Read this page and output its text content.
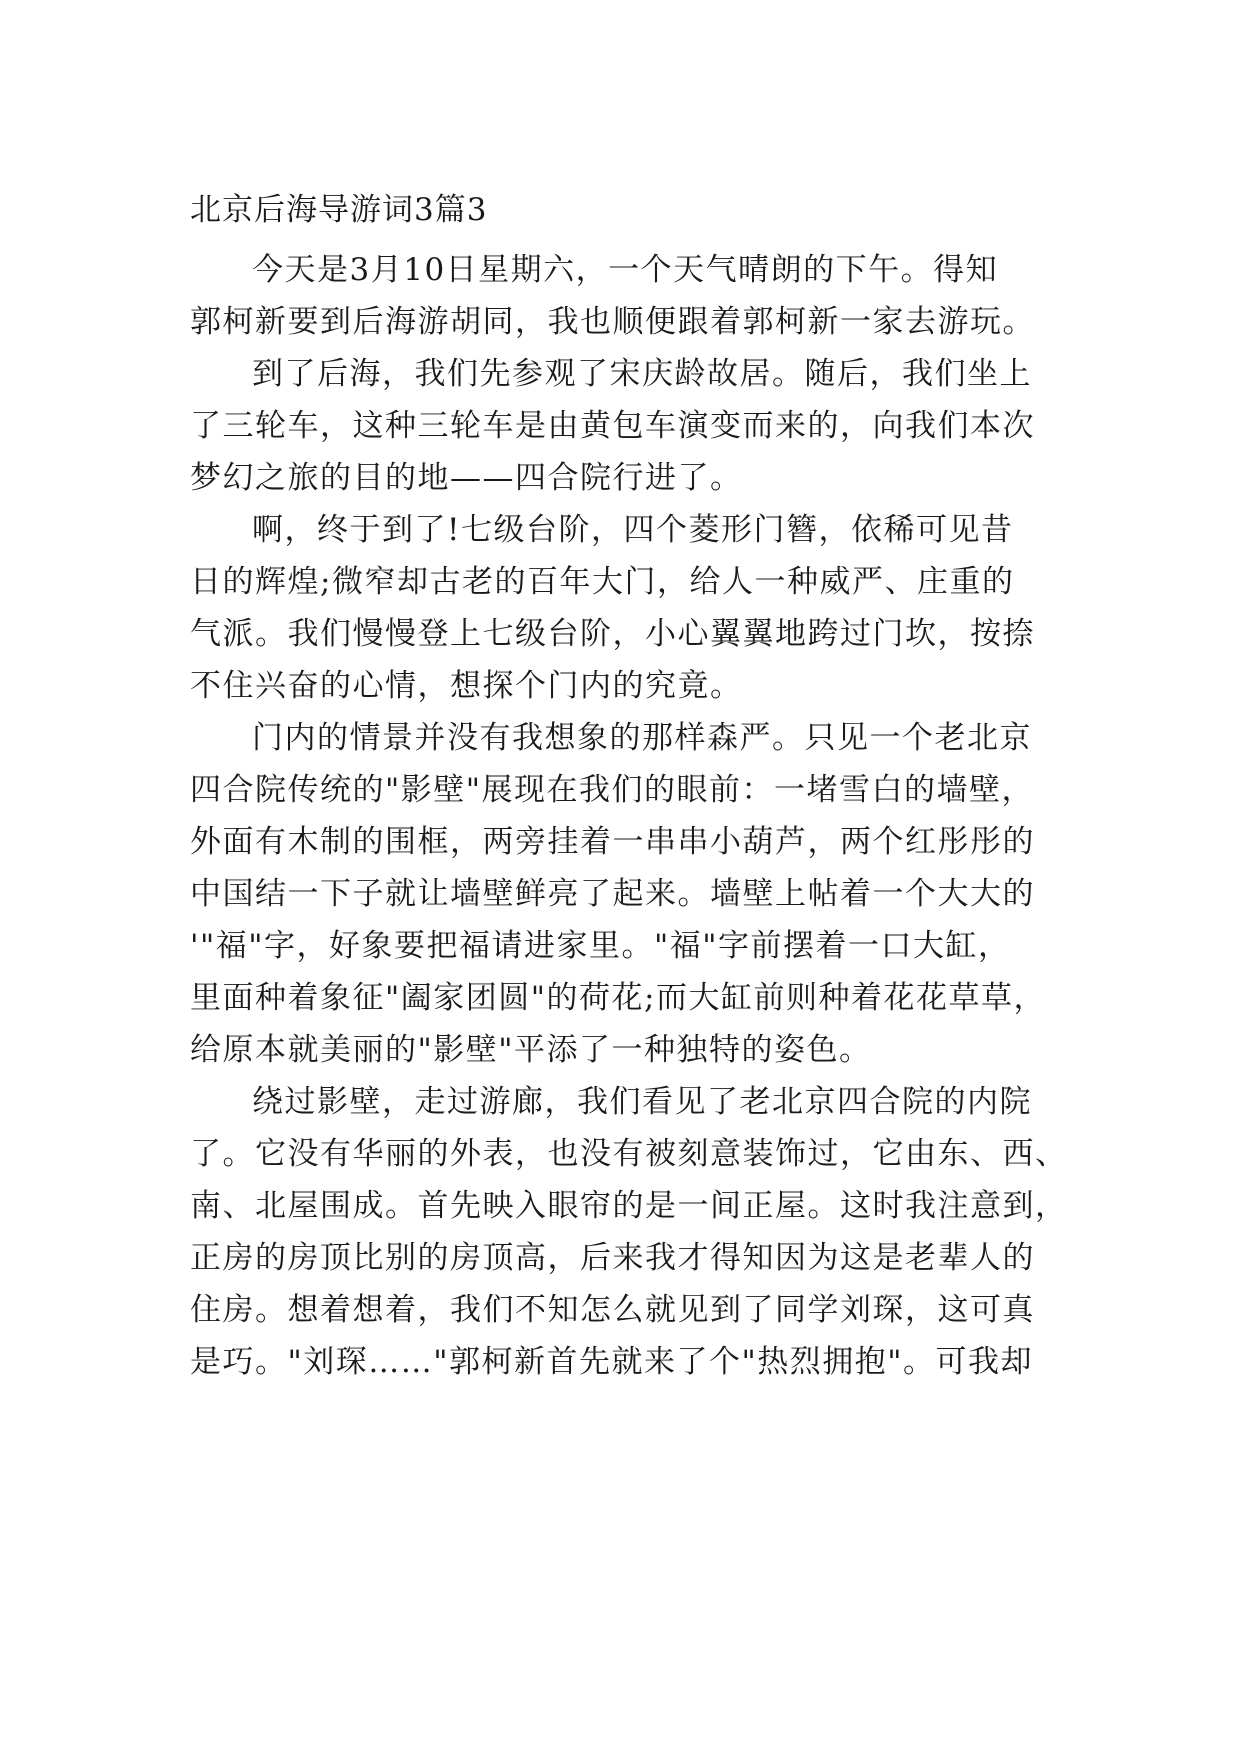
北京后海导游词3篇3
今天是3月10日星期六，一个天气晴朗的下午。得知
郭柯新要到后海游胡同，我也顺便跟着郭柯新一家去游玩。
到了后海，我们先参观了宋庆龄故居。随后，我们坐上
了三轮车，这种三轮车是由黄包车演变而来的，向我们本次
梦幻之旅的目的地——四合院行进了。
啊，终于到了!七级台阶，四个菱形门簪，依稀可见昔
日的辉煌;微窄却古老的百年大门，给人一种威严、庄重的
气派。我们慢慢登上七级台阶，小心翼翼地跨过门坎，按捺
不住兴奋的心情，想探个门内的究竟。
门内的情景并没有我想象的那样森严。只见一个老北京
四合院传统的"影壁"展现在我们的眼前：一堵雪白的墙壁，
外面有木制的围框，两旁挂着一串串小葫芦，两个红彤彤的
中国结一下子就让墙壁鲜亮了起来。墙壁上帖着一个大大的
'"福"字，好象要把福请进家里。"福"字前摆着一口大缸，
里面种着象征"阖家团圆"的荷花;而大缸前则种着花花草草，
给原本就美丽的"影壁"平添了一种独特的姿色。
绕过影壁，走过游廊，我们看见了老北京四合院的内院
了。它没有华丽的外表，也没有被刻意装饰过，它由东、西、
南、北屋围成。首先映入眼帘的是一间正屋。这时我注意到，
正房的房顶比别的房顶高，后来我才得知因为这是老辈人的
住房。想着想着，我们不知怎么就见到了同学刘琛，这可真
是巧。"刘琛……"郭柯新首先就来了个"热烈拥抱"。可我却
